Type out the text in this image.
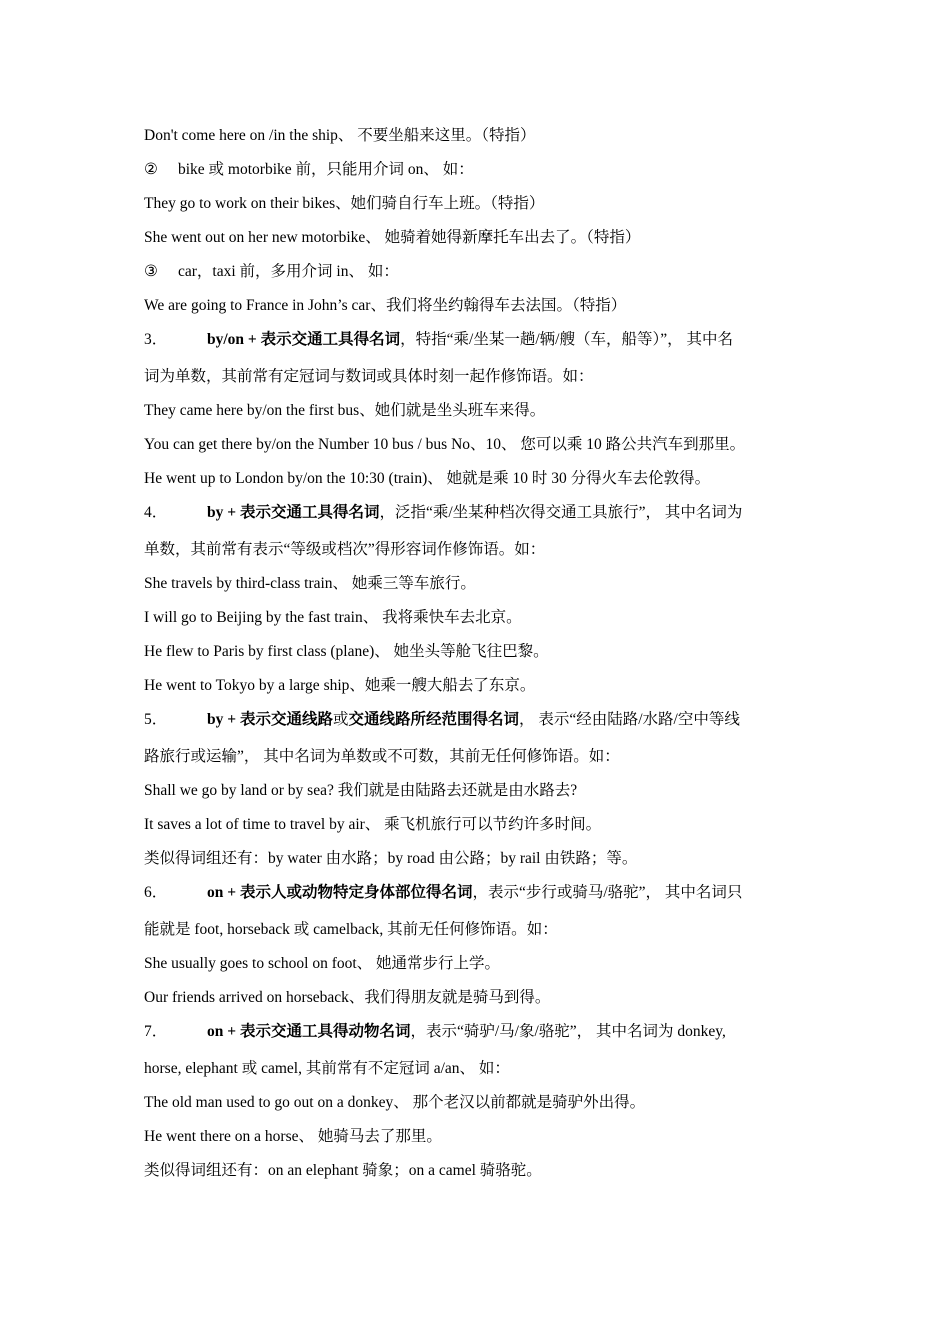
Don't come here on /in the ship、 不要坐船来这里。（特指）
② bike 或 motorbike 前，只能用介词 on、 如：
They go to work on their bikes、她们骑自行车上班。（特指）
She went out on her new motorbike、 她骑着她得新摩托车出去了。（特指）
③ car，taxi 前，多用介词 in、 如：
We are going to France in John’s car、我们将坐约翰得车去法国。（特指）
3．	by/on + 表示交通工具得名词，特指“乘/坐某一趟/辆/艘（车，船等）”， 其中名
词为单数，其前常有定冠词与数词或具体时刻一起作修饰语。如：
They came here by/on the first bus、她们就是坐头班车来得。
You can get there by/on the Number 10 bus / bus No、10、 您可以乘 10 路公共汽车到那里。
He went up to London by/on the 10:30 (train)、 她就是乘 10 时 30 分得火车去伦敦得。
4．	by + 表示交通工具得名词，泛指“乘/坐某种档次得交通工具旅行”， 其中名词为
单数，其前常有表示“等级或档次”得形容词作修饰语。如：
She travels by third-class train、 她乘三等车旅行。
I will go to Beijing by the fast train、 我将乘快车去北京。
He flew to Paris by first class (plane)、 她坐头等舱飞往巴黎。
He went to Tokyo by a large ship、她乘一艘大船去了东京。
5．	by + 表示交通线路或交通线路所经范围得名词， 表示“经由陆路/水路/空中等线
路旅行或运输”， 其中名词为单数或不可数，其前无任何修饰语。如：
Shall we go by land or by sea? 我们就是由陆路去还就是由水路去?
It saves a lot of time to travel by air、 乘飞机旅行可以节约许多时间。
类似得词组还有：by water 由水路；by road 由公路；by rail 由铁路；等。
6．	on + 表示人或动物特定身体部位得名词，表示“步行或骑马/骆驼”， 其中名词只
能就是 foot, horseback 或 camelback, 其前无任何修饰语。如：
She usually goes to school on foot、 她通常步行上学。
Our friends arrived on horseback、我们得朋友就是骑马到得。
7．	on + 表示交通工具得动物名词，表示“骑驴/马/象/骆驼”， 其中名词为 donkey,
horse, elephant 或 camel, 其前常有不定冠词 a/an、 如：
The old man used to go out on a donkey、 那个老汉以前都就是骑驴外出得。
He went there on a horse、 她骑马去了那里。
类似得词组还有：on an elephant 骑象；on a camel 骑骆驼。
